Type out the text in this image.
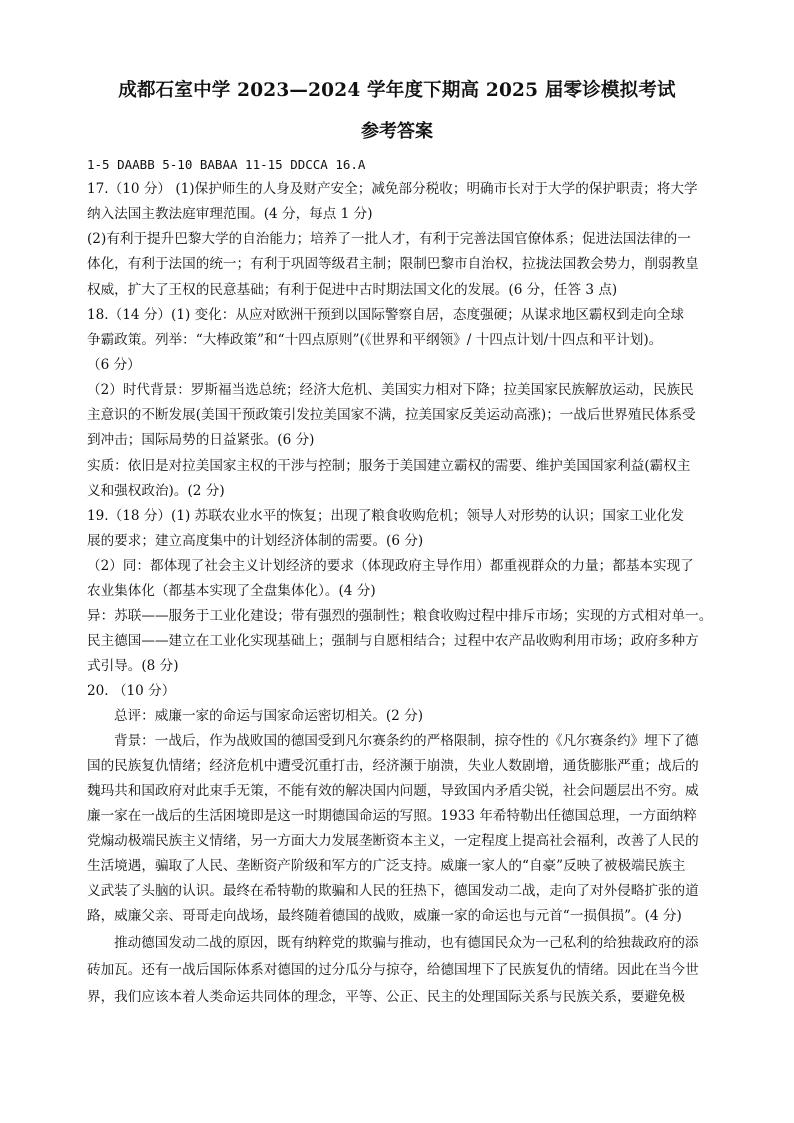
成都石室中学 2023—2024 学年度下期高 2025 届零诊模拟考试
参考答案
1-5 DAABB 5-10 BABAA 11-15 DDCCA 16.A
17.（10 分） (1)保护师生的人身及财产安全；减免部分税收；明确市长对于大学的保护职责；将大学
纳入法国主教法庭审理范围。(4 分，每点 1 分)
(2)有利于提升巴黎大学的自治能力；培养了一批人才，有利于完善法国官僚体系；促进法国法律的一
体化，有利于法国的统一；有利于巩固等级君主制；限制巴黎市自治权，拉拢法国教会势力，削弱教皇
权威，扩大了王权的民意基础；有利于促进中古时期法国文化的发展。(6 分，任答 3 点)
18.（14 分）(1) 变化：从应对欧洲干预到以国际警察自居，态度强硬；从谋求地区霸权到走向全球
争霸政策。列举：“大棒政策”和“十四点原则”(《世界和平纲领》/ 十四点计划/十四点和平计划)。
（6 分）
（2）时代背景：罗斯福当选总统；经济大危机、美国实力相对下降；拉美国家民族解放运动，民族民
主意识的不断发展(美国干预政策引发拉美国家不满，拉美国家反美运动高涨)；一战后世界殖民体系受
到冲击；国际局势的日益紧张。(6 分)
实质：依旧是对拉美国家主权的干涉与控制；服务于美国建立霸权的需要、维护美国国家利益(霸权主
义和强权政治)。(2 分)
19.（18 分）(1) 苏联农业水平的恢复；出现了粮食收购危机；领导人对形势的认识；国家工业化发
展的要求；建立高度集中的计划经济体制的需要。(6 分)
（2）同：都体现了社会主义计划经济的要求（体现政府主导作用）都重视群众的力量；都基本实现了
农业集体化（都基本实现了全盘集体化）。(4 分)
异：苏联——服务于工业化建设；带有强烈的强制性；粮食收购过程中排斥市场；实现的方式相对单一。
民主德国——建立在工业化实现基础上；强制与自愿相结合；过程中农产品收购利用市场；政府多种方
式引导。(8 分)
20. （10 分）
总评：威廉一家的命运与国家命运密切相关。(2 分)
背景：一战后，作为战败国的德国受到凡尔赛条约的严格限制，掠夺性的《凡尔赛条约》埋下了德
国的民族复仇情绪；经济危机中遭受沉重打击，经济濒于崩溃，失业人数剧增，通货膨胀严重；战后的
魏玛共和国政府对此束手无策，不能有效的解决国内问题，导致国内矛盾尖锐，社会问题层出不穷。威
廉一家在一战后的生活困境即是这一时期德国命运的写照。1933 年希特勒出任德国总理，一方面纳粹
党煽动极端民族主义情绪，另一方面大力发展垄断资本主义，一定程度上提高社会福利，改善了人民的
生活境遇，骗取了人民、垄断资产阶级和军方的广泛支持。威廉一家人的“自豪”反映了被极端民族主
义武装了头脑的认识。最终在希特勒的欺骗和人民的狂热下，德国发动二战，走向了对外侵略扩张的道
路，威廉父亲、哥哥走向战场，最终随着德国的战败，威廉一家的命运也与元首“一损俱损”。(4 分)
推动德国发动二战的原因，既有纳粹党的欺骗与推动，也有德国民众为一己私利的给独裁政府的添
砖加瓦。还有一战后国际体系对德国的过分瓜分与掠夺，给德国埋下了民族复仇的情绪。因此在当今世
界，我们应该本着人类命运共同体的理念，平等、公正、民主的处理国际关系与民族关系，要避免极
